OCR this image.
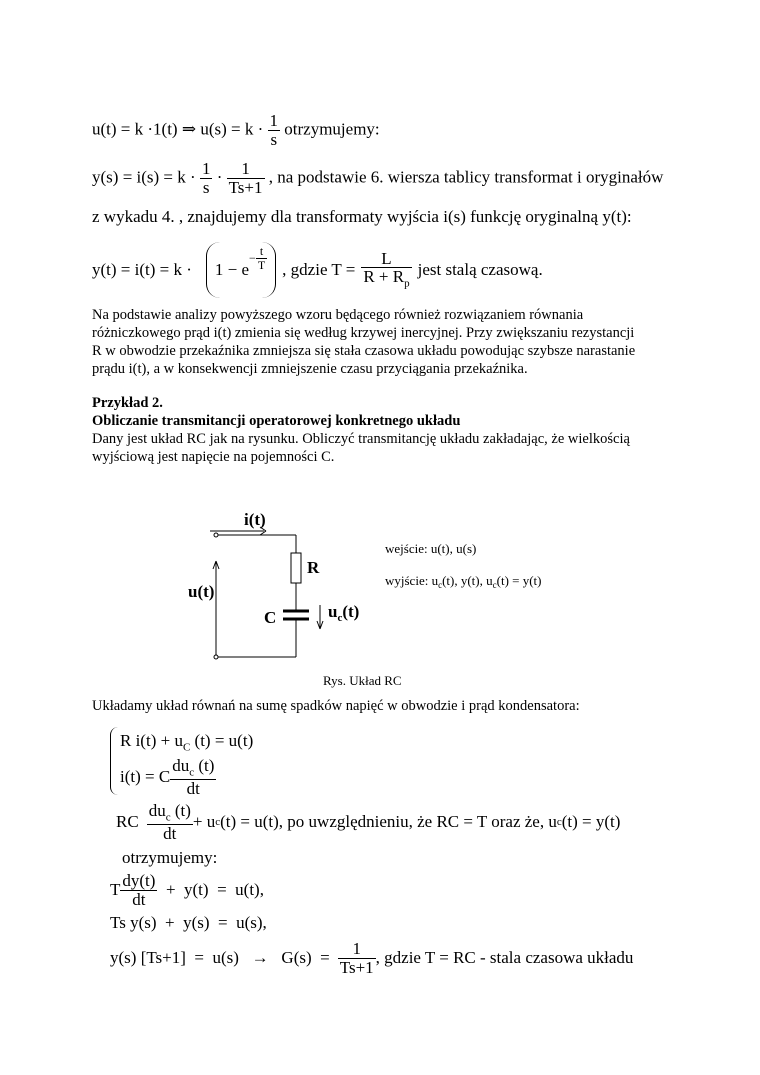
u(t) = k ·1(t) ⇒ $u(s) = k \cdot \frac{1}{s}$ otrzymujemy:
$y(s) = i(s) = k \cdot \frac{1}{s} \cdot \frac{1}{Ts+1}$ , na podstawie 6. wiersza tablicy transformat i oryginałów
z wykadu 4. , znajdujemy dla transformaty wyjścia i(s) funkcję oryginalną y(t):
y(t) = i(t) = k · 1 − e
− $\frac{t}{T}$ , gdzie $T = \frac{L}{R + R_p}$ jest stalą czasową.
Na podstawie analizy powyższego wzoru będącego również rozwiązaniem równania
różniczkowego prąd i(t) zmienia się według krzywej inercyjnej. Przy zwiększaniu rezystancji
R w obwodzie przekaźnika zmniejsza się stała czasowa układu powodując szybsze narastanie
prądu i(t), a w konsekwencji zmniejszenie czasu przyciągania przekaźnika.
Przykład 2.
Obliczanie transmitancji operatorowej konkretnego układu
Dany jest układ RC jak na rysunku. Obliczyć transmitancję układu zakładając, że wielkością
wyjściową jest napięcie na pojemności C.
i(t)
u(t)
R
C	$u_c(t)$
wejście: u(t), u(s)
wyjście: $u_c(t)$, y(t), $u_c(t) = y(t)$
Rys. Układ RC
Układamy układ równań na sumę spadków napięć w obwodzie i prąd kondensatora:
R $i(t) + u_C$ (t) = u(t)
i(t) = C $\frac{du_c (t)}{dt}$
RC $\frac{du_c (t)}{dt} + u$ c (t) = u(t), po uwzględnieniu, że RC = T oraz że, u c (t) = y(t)
otrzymujemy:
T $\frac{dy(t)}{dt} + y(t) = u(t)$,
Ts y(s)  +  y(s)  =  u(s),
y(s) $[Ts+1] = u(s) \to G(s) = \frac{1}{Ts+1}$ , gdzie T = RC - stala czasowa układu
